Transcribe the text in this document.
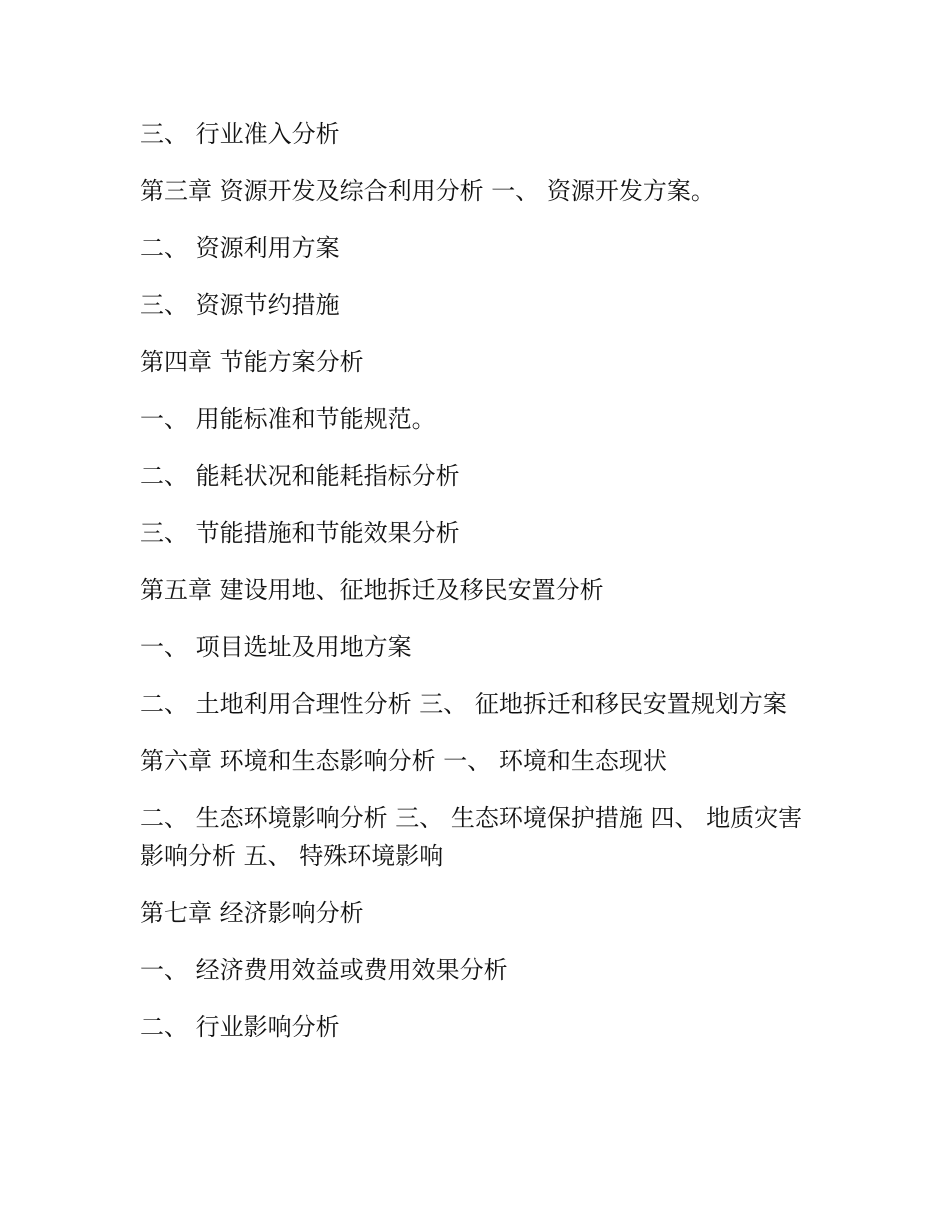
三、 行业准入分析

第三章 资源开发及综合利用分析 一、 资源开发方案。

二、 资源利用方案

三、 资源节约措施

第四章 节能方案分析

一、 用能标准和节能规范。

二、 能耗状况和能耗指标分析

三、 节能措施和节能效果分析

第五章 建设用地、征地拆迁及移民安置分析

一、 项目选址及用地方案

二、 土地利用合理性分析 三、 征地拆迁和移民安置规划方案

第六章 环境和生态影响分析 一、 环境和生态现状

二、 生态环境影响分析 三、 生态环境保护措施 四、 地质灾害影响分析 五、 特殊环境影响

第七章 经济影响分析

一、 经济费用效益或费用效果分析

二、 行业影响分析
